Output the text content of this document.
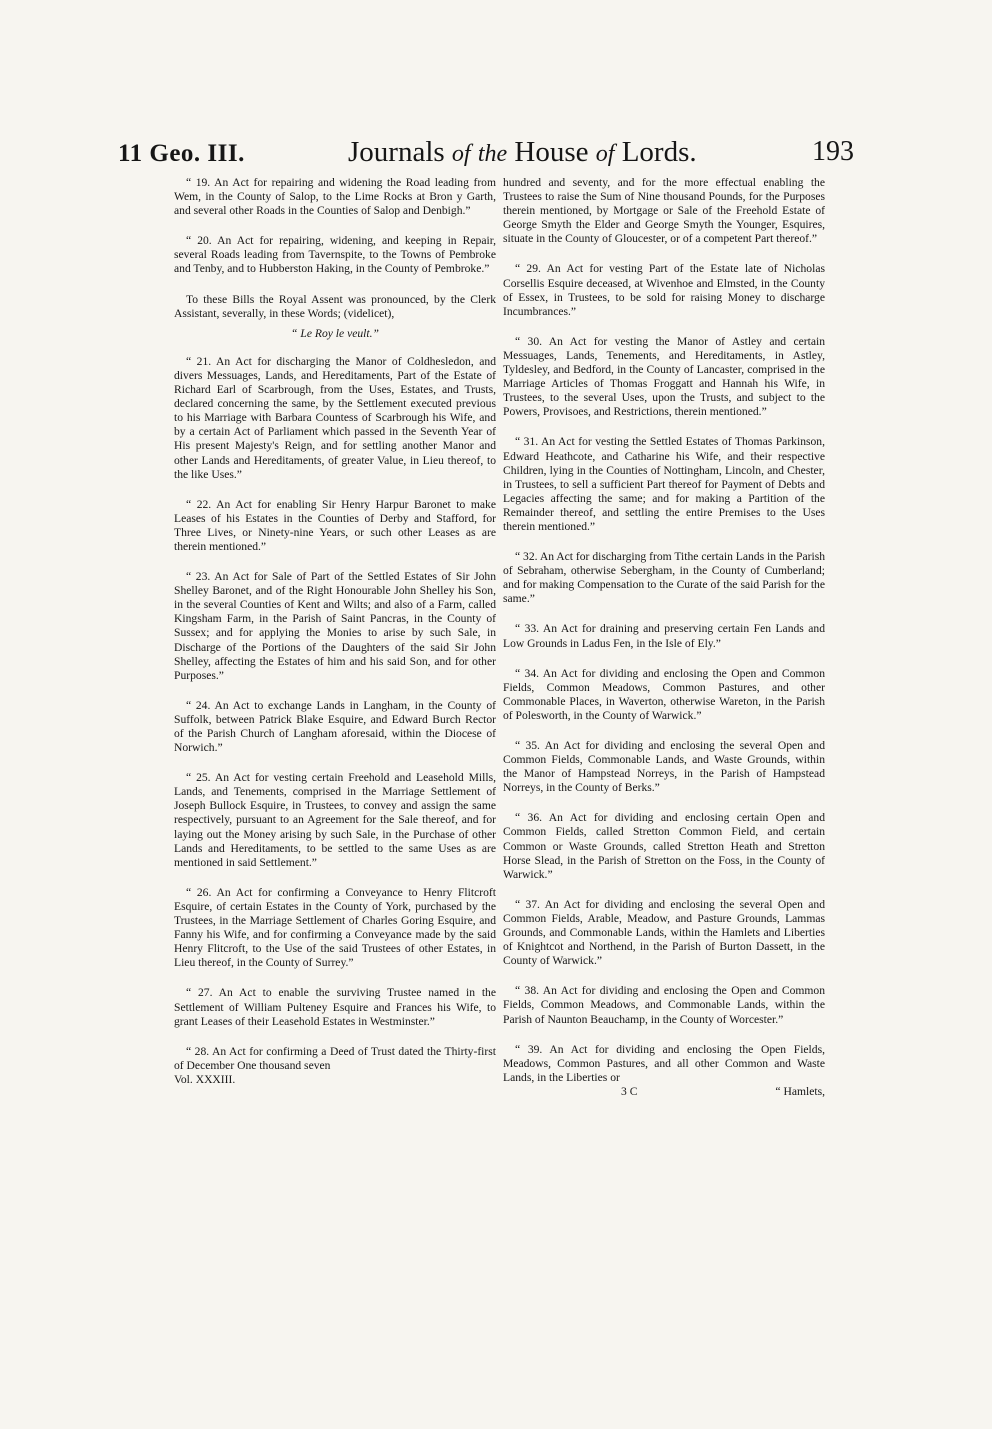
11 Geo. III.	Journals of the House of Lords.	193

“ 19. An Act for repairing and widening the Road leading from Wem, in the County of Salop, to the Lime Rocks at Bron y Garth, and several other Roads in the Counties of Salop and Denbigh.”

“ 20. An Act for repairing, widening, and keeping in Repair, several Roads leading from Tavernspite, to the Towns of Pembroke and Tenby, and to Hubberston Haking, in the County of Pembroke.”

To these Bills the Royal Assent was pronounced, by the Clerk Assistant, severally, in these Words; (videlicet),

“ Le Roy le veult.”

“ 21. An Act for discharging the Manor of Coldhesledon, and divers Messuages, Lands, and Hereditaments, Part of the Estate of Richard Earl of Scarbrough, from the Uses, Estates, and Trusts, declared concerning the same, by the Settlement executed previous to his Marriage with Barbara Countess of Scarbrough his Wife, and by a certain Act of Parliament which passed in the Seventh Year of His present Majesty's Reign, and for settling another Manor and other Lands and Hereditaments, of greater Value, in Lieu thereof, to the like Uses.”

“ 22. An Act for enabling Sir Henry Harpur Baronet to make Leases of his Estates in the Counties of Derby and Stafford, for Three Lives, or Ninety-nine Years, or such other Leases as are therein mentioned.”

“ 23. An Act for Sale of Part of the Settled Estates of Sir John Shelley Baronet, and of the Right Honourable John Shelley his Son, in the several Counties of Kent and Wilts; and also of a Farm, called Kingsham Farm, in the Parish of Saint Pancras, in the County of Sussex; and for applying the Monies to arise by such Sale, in Discharge of the Portions of the Daughters of the said Sir John Shelley, affecting the Estates of him and his said Son, and for other Purposes.”

“ 24. An Act to exchange Lands in Langham, in the County of Suffolk, between Patrick Blake Esquire, and Edward Burch Rector of the Parish Church of Langham aforesaid, within the Diocese of Norwich.”

“ 25. An Act for vesting certain Freehold and Leasehold Mills, Lands, and Tenements, comprised in the Marriage Settlement of Joseph Bullock Esquire, in Trustees, to convey and assign the same respectively, pursuant to an Agreement for the Sale thereof, and for laying out the Money arising by such Sale, in the Purchase of other Lands and Hereditaments, to be settled to the same Uses as are mentioned in said Settlement.”

“ 26. An Act for confirming a Conveyance to Henry Flitcroft Esquire, of certain Estates in the County of York, purchased by the Trustees, in the Marriage Settlement of Charles Goring Esquire, and Fanny his Wife, and for confirming a Conveyance made by the said Henry Flitcroft, to the Use of the said Trustees of other Estates, in Lieu thereof, in the County of Surrey.”

“ 27. An Act to enable the surviving Trustee named in the Settlement of William Pulteney Esquire and Frances his Wife, to grant Leases of their Leasehold Estates in Westminster.”

“ 28. An Act for confirming a Deed of Trust dated the Thirty-first of December One thousand seven

Vol. XXXIII.

hundred and seventy, and for the more effectual enabling the Trustees to raise the Sum of Nine thousand Pounds, for the Purposes therein mentioned, by Mortgage or Sale of the Freehold Estate of George Smyth the Elder and George Smyth the Younger, Esquires, situate in the County of Gloucester, or of a competent Part thereof.”

“ 29. An Act for vesting Part of the Estate late of Nicholas Corsellis Esquire deceased, at Wivenhoe and Elmsted, in the County of Essex, in Trustees, to be sold for raising Money to discharge Incumbrances.”

“ 30. An Act for vesting the Manor of Astley and certain Messuages, Lands, Tenements, and Hereditaments, in Astley, Tyldesley, and Bedford, in the County of Lancaster, comprised in the Marriage Articles of Thomas Froggatt and Hannah his Wife, in Trustees, to the several Uses, upon the Trusts, and subject to the Powers, Provisoes, and Restrictions, therein mentioned.”

“ 31. An Act for vesting the Settled Estates of Thomas Parkinson, Edward Heathcote, and Catharine his Wife, and their respective Children, lying in the Counties of Nottingham, Lincoln, and Chester, in Trustees, to sell a sufficient Part thereof for Payment of Debts and Legacies affecting the same; and for making a Partition of the Remainder thereof, and settling the entire Premises to the Uses therein mentioned.”

“ 32. An Act for discharging from Tithe certain Lands in the Parish of Sebraham, otherwise Sebergham, in the County of Cumberland; and for making Compensation to the Curate of the said Parish for the same.”

“ 33. An Act for draining and preserving certain Fen Lands and Low Grounds in Ladus Fen, in the Isle of Ely.”

“ 34. An Act for dividing and enclosing the Open and Common Fields, Common Meadows, Common Pastures, and other Commonable Places, in Waverton, otherwise Wareton, in the Parish of Polesworth, in the County of Warwick.”

“ 35. An Act for dividing and enclosing the several Open and Common Fields, Commonable Lands, and Waste Grounds, within the Manor of Hampstead Norreys, in the Parish of Hampstead Norreys, in the County of Berks.”

“ 36. An Act for dividing and enclosing certain Open and Common Fields, called Stretton Common Field, and certain Common or Waste Grounds, called Stretton Heath and Stretton Horse Slead, in the Parish of Stretton on the Foss, in the County of Warwick.”

“ 37. An Act for dividing and enclosing the several Open and Common Fields, Arable, Meadow, and Pasture Grounds, Lammas Grounds, and Commonable Lands, within the Hamlets and Liberties of Knightcot and Northend, in the Parish of Burton Dassett, in the County of Warwick.”

“ 38. An Act for dividing and enclosing the Open and Common Fields, Common Meadows, and Commonable Lands, within the Parish of Naunton Beauchamp, in the County of Worcester.”

“ 39. An Act for dividing and enclosing the Open Fields, Meadows, Common Pastures, and all other Common and Waste Lands, in the Liberties or

3 C	“ Hamlets,
